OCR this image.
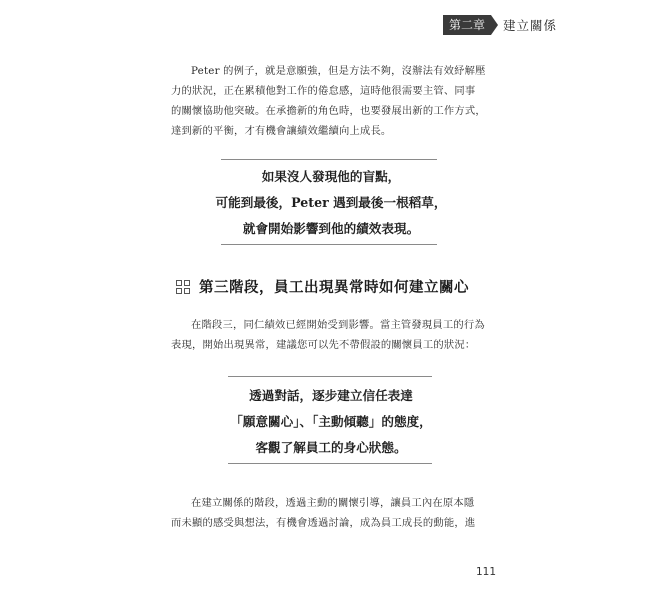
第二章	建立關係

Peter 的例子，就是意願強，但是方法不夠，沒辦法有效紓解壓
力的狀況，正在累積他對工作的倦怠感，這時他很需要主管、同事
的關懷協助他突破。在承擔新的角色時，也要發展出新的工作方式，
達到新的平衡，才有機會讓績效繼續向上成長。

如果沒人發現他的盲點，
可能到最後，Peter 遇到最後一根稻草，
就會開始影響到他的績效表現。

第三階段，員工出現異常時如何建立關心

在階段三，同仁績效已經開始受到影響。當主管發現員工的行為
表現，開始出現異常，建議您可以先不帶假設的關懷員工的狀況：

透過對話，逐步建立信任表達
「願意關心」、「主動傾聽」的態度，
客觀了解員工的身心狀態。

在建立關係的階段，透過主動的關懷引導，讓員工內在原本隱
而未顯的感受與想法，有機會透過討論，成為員工成長的動能，進

111
